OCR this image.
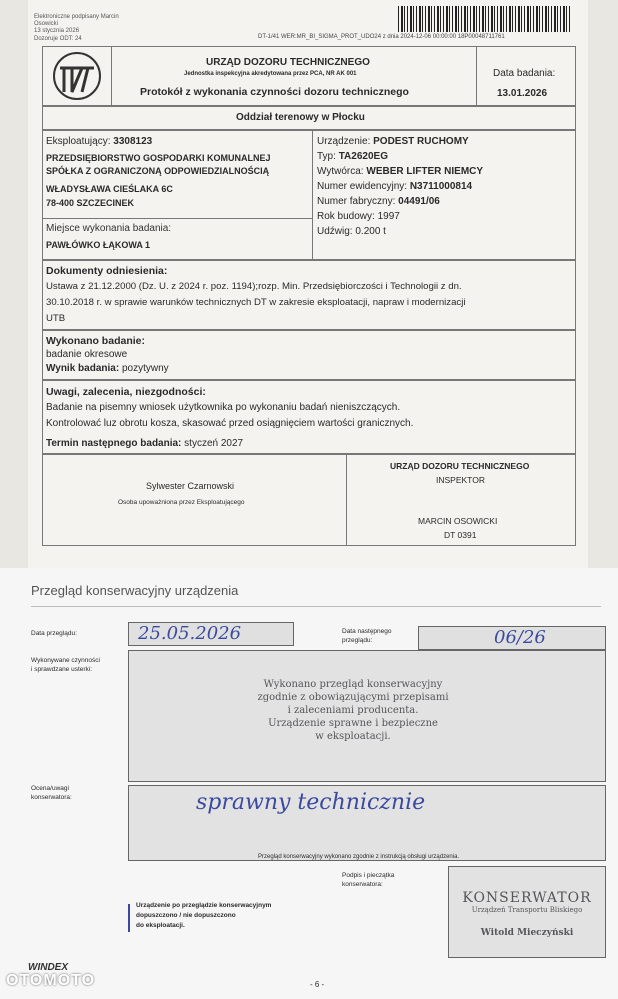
Elektroniczne podpisany Marcin
Osowicki
13 stycznia 2026
Dozoruje ODT: 24	DT-1/41 WER:MR_BI_SIGMA_PROT_UDO24 z dnia 2024-12-06 00:00:00 18P00048711761
URZĄD DOZORU TECHNICZNEGO
Jednostka inspekcyjna akredytowana przez PCA, NR AK 001
Protokół z wykonania czynności dozoru technicznego
Data badania:
13.01.2026
Oddział terenowy w Płocku
Eksploatujący: 3308123
PRZEDSIĘBIORSTWO GOSPODARKI KOMUNALNEJ
SPÓŁKA Z OGRANICZONĄ ODPOWIEDZIALNOŚCIĄ
WŁADYSŁAWA CIEŚLAKA 6C
78-400 SZCZECINEK
Miejsce wykonania badania:
PAWŁÓWKO ŁĄKOWA 1
Urządzenie: PODEST RUCHOMY
Typ: TA2620EG
Wytwórca: WEBER LIFTER NIEMCY
Numer ewidencyjny: N3711000814
Numer fabryczny: 04491/06
Rok budowy: 1997
Udźwig: 0.200 t
Dokumenty odniesienia:
Ustawa z 21.12.2000 (Dz. U. z 2024 r. poz. 1194);rozp. Min. Przedsiębiorczości i Technologii z dn.
30.10.2018 r. w sprawie warunków technicznych DT w zakresie eksploatacji, napraw i modernizacji
UTB
Wykonano badanie:
badanie okresowe
Wynik badania: pozytywny
Uwagi, zalecenia, niezgodności:
Badanie na pisemny wniosek użytkownika po wykonaniu badań nieniszczących.
Kontrolować luz obrotu kosza, skasować przed osiągnięciem wartości granicznych.
Termin następnego badania: styczeń 2027
Sylwester Czarnowski
Osoba upoważniona przez Eksploatującego
URZĄD DOZORU TECHNICZNEGO
INSPEKTOR
MARCIN OSOWICKI
DT 0391
Przegląd konserwacyjny urządzenia
Data przeglądu:	25.05.2026	Data następnego
przeglądu:	06/26
Wykonywane czynności
i sprawdzane usterki:
Wykonano przegląd konserwacyjny
zgodnie z obowiązującymi przepisami
i zaleceniami producenta.
Urządzenie sprawne i bezpieczne
w eksploatacji.
Ocena/uwagi
konserwatora:	sprawny technicznie
Przegląd konserwacyjny wykonano zgodnie z instrukcją obsługi urządzenia.
Podpis i pieczątka
konserwatora:
KONSERWATOR
Urządzeń Transportu Bliskiego
Witold Mieczyński
Urządzenie po przeglądzie konserwacyjnym
dopuszczono / nie dopuszczono
do eksploatacji.
- 6 -
WINDEX
OTOMOTO
